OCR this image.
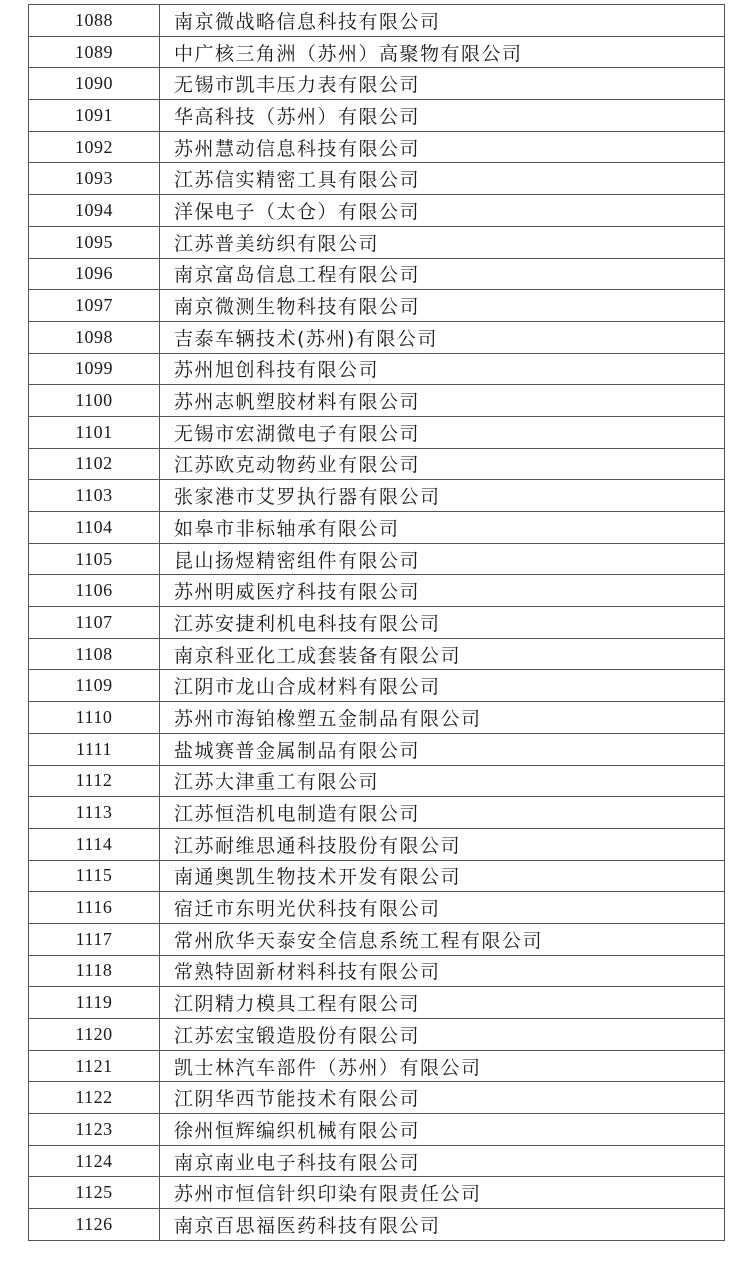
1088	南京微战略信息科技有限公司
1089	中广核三角洲（苏州）高聚物有限公司
1090	无锡市凯丰压力表有限公司
1091	华高科技（苏州）有限公司
1092	苏州慧动信息科技有限公司
1093	江苏信实精密工具有限公司
1094	洋保电子（太仓）有限公司
1095	江苏普美纺织有限公司
1096	南京富岛信息工程有限公司
1097	南京微测生物科技有限公司
1098	吉泰车辆技术(苏州)有限公司
1099	苏州旭创科技有限公司
1100	苏州志帆塑胶材料有限公司
1101	无锡市宏湖微电子有限公司
1102	江苏欧克动物药业有限公司
1103	张家港市艾罗执行器有限公司
1104	如皋市非标轴承有限公司
1105	昆山扬煜精密组件有限公司
1106	苏州明威医疗科技有限公司
1107	江苏安捷利机电科技有限公司
1108	南京科亚化工成套装备有限公司
1109	江阴市龙山合成材料有限公司
1110	苏州市海铂橡塑五金制品有限公司
1111	盐城赛普金属制品有限公司
1112	江苏大津重工有限公司
1113	江苏恒浩机电制造有限公司
1114	江苏耐维思通科技股份有限公司
1115	南通奥凯生物技术开发有限公司
1116	宿迁市东明光伏科技有限公司
1117	常州欣华天泰安全信息系统工程有限公司
1118	常熟特固新材料科技有限公司
1119	江阴精力模具工程有限公司
1120	江苏宏宝锻造股份有限公司
1121	凯士林汽车部件（苏州）有限公司
1122	江阴华西节能技术有限公司
1123	徐州恒辉编织机械有限公司
1124	南京南业电子科技有限公司
1125	苏州市恒信针织印染有限责任公司
1126	南京百思福医药科技有限公司
